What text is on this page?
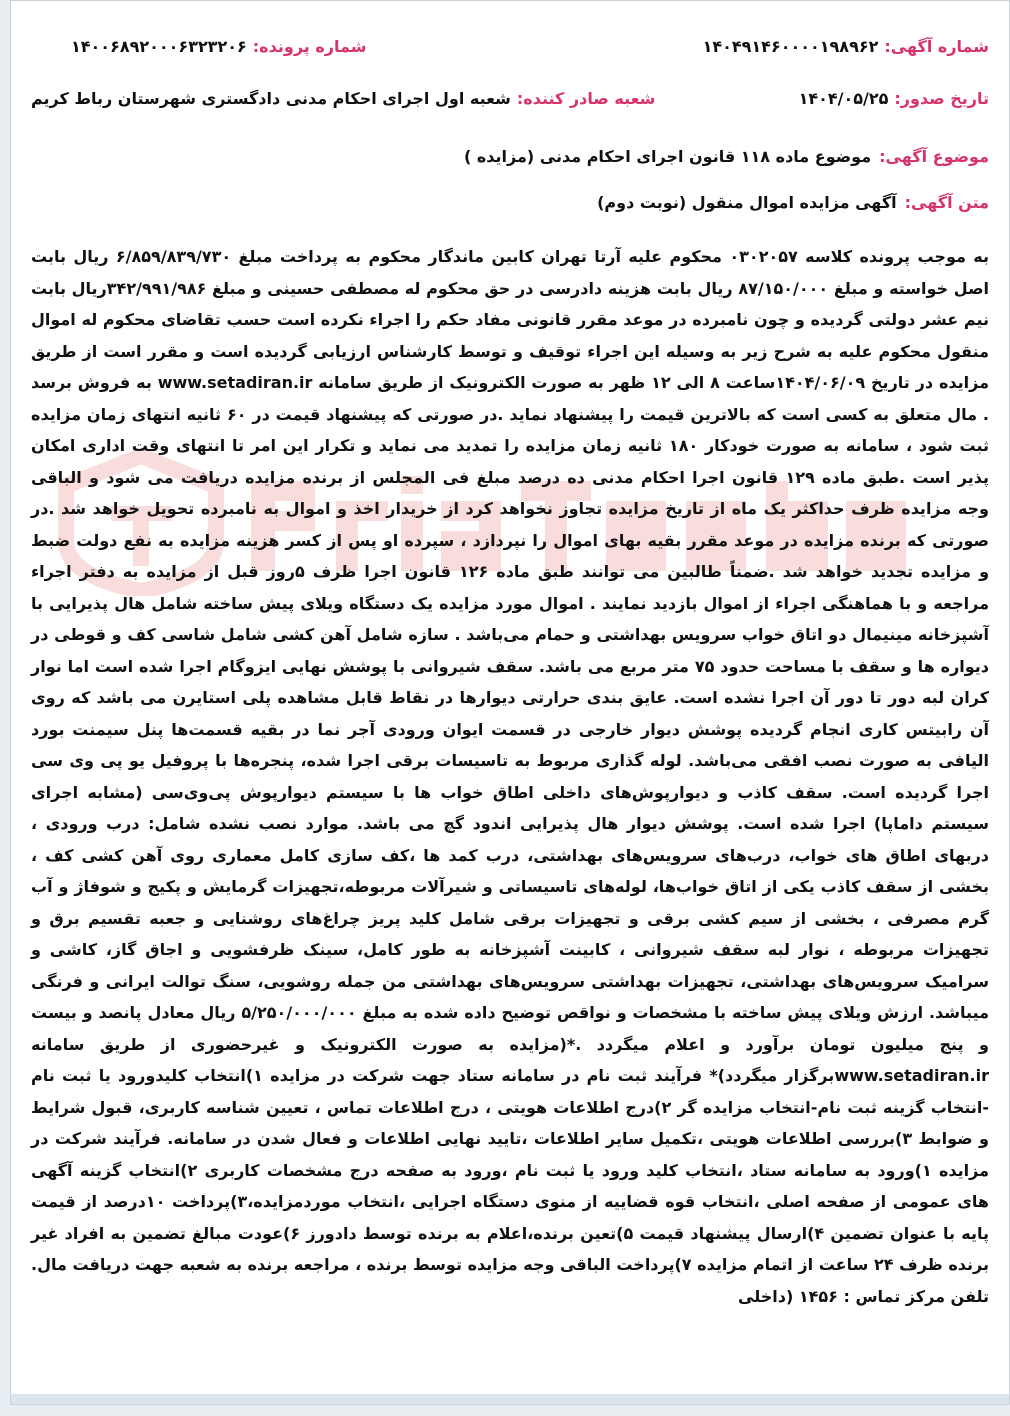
شماره آگهی:
۱۴۰۴۹۱۴۶۰۰۰۰۱۹۸۹۶۲
شماره پرونده:
۱۴۰۰۶۸۹۲۰۰۰۶۳۲۳۲۰۶
تاریخ صدور:
۱۴۰۴/۰۵/۲۵
شعبه صادر کننده:
شعبه اول اجرای احکام مدنی دادگستری شهرستان رباط کریم
موضوع آگهی:
موضوع ماده ۱۱۸ قانون اجرای احکام مدنی (مزایده )
متن آگهی:
آگهی مزایده اموال منقول (نوبت دوم)

به موجب پرونده کلاسه ۰۳۰۲۰۵۷ محکوم علیه آرتا تهران کابین ماندگار محکوم به پرداخت مبلغ ۶/۸۵۹/۸۳۹/۷۳۰ ریال بابت اصل خواسته و مبلغ ۸۷/۱۵۰/۰۰۰ ریال بابت هزینه دادرسی در حق محکوم له مصطفی حسینی و مبلغ ۳۴۲/۹۹۱/۹۸۶ریال بابت نیم عشر دولتی گردیده و چون نامبرده در موعد مقرر قانونی مفاد حکم را اجراء نکرده است حسب تقاضای محکوم له اموال منقول محکوم علیه به شرح زیر به وسیله این اجراء توقیف و توسط کارشناس ارزیابی گردیده است و مقرر است از طریق مزایده در تاریخ ۱۴۰۴/۰۶/۰۹ساعت ۸ الی ۱۲ ظهر به صورت الکترونیک از طریق سامانه www.setadiran.ir به فروش برسد . مال متعلق به کسی است که بالاترین قیمت را پیشنهاد نماید .در صورتی که پیشنهاد قیمت در ۶۰ ثانیه انتهای زمان مزایده ثبت شود ، سامانه به صورت خودکار ۱۸۰ ثانیه زمان مزایده را تمدید می نماید و تکرار این امر تا انتهای وقت اداری امکان پذیر است .طبق ماده ۱۲۹ قانون اجرا احکام مدنی ده درصد مبلغ فی المجلس از برنده مزایده دریافت می شود و الباقی وجه مزایده ظرف حداکثر یک ماه از تاریخ مزایده تجاوز نخواهد کرد از خریدار اخذ و اموال به نامبرده تحویل خواهد شد .در صورتی که برنده مزایده در موعد مقرر بقیه بهای اموال را نپردازد ، سپرده او پس از کسر هزینه مزایده به نفع دولت ضبط و مزایده تجدید خواهد شد .ضمناً طالبین می توانند طبق ماده ۱۲۶ قانون اجرا ظرف ۵روز قبل از مزایده به دفتر اجراء مراجعه و با هماهنگی اجراء از اموال بازدید نمایند . اموال مورد مزایده یک دستگاه ویلای پیش ساخته شامل هال پذیرایی با آشپزخانه مینیمال دو اتاق خواب سرویس بهداشتی و حمام می‌باشد . سازه شامل آهن کشی شامل شاسی کف و قوطی در دیواره ها و سقف با مساحت حدود ۷۵ متر مربع می باشد. سقف شیروانی با پوشش نهایی ایزوگام اجرا شده است اما نوار کران لبه دور تا دور آن اجرا نشده است. عایق بندی حرارتی دیوارها در نقاط قابل مشاهده پلی استایرن می باشد که روی آن رابیتس کاری انجام گردیده پوشش دیوار خارجی در قسمت ایوان ورودی آجر نما در بقیه قسمت‌ها پنل سیمنت بورد الیافی به صورت نصب افقی می‌باشد. لوله گذاری مربوط به تاسیسات برقی اجرا شده، پنجره‌ها با پروفیل یو پی وی سی اجرا گردیده است. سقف کاذب و دیوارپوش‌های داخلی اطاق خواب ها با سیستم دیوارپوش پی‌وی‌سی (مشابه اجرای سیستم داماپا) اجرا شده است. پوشش دیوار هال پذیرایی اندود گچ می باشد. موارد نصب نشده شامل: درب ورودی ، دربهای اطاق های خواب، درب‌های سرویس‌های بهداشتی، درب کمد ها ،کف سازی کامل معماری روی آهن کشی کف ، بخشی از سقف کاذب یکی از اتاق خواب‌ها، لوله‌های تاسیساتی و شیرآلات مربوطه،تجهیزات گرمایش و پکیج و شوفاژ و آب گرم مصرفی ، بخشی از سیم کشی برقی و تجهیزات برقی شامل کلید پریز چراغ‌های روشنایی و جعبه تقسیم برق و تجهیزات مربوطه ، نوار لبه سقف شیروانی ، کابینت آشپزخانه به طور کامل، سینک ظرفشویی و اجاق گاز، کاشی و سرامیک سرویس‌های بهداشتی، تجهیزات بهداشتی سرویس‌های بهداشتی من جمله روشویی، سنگ توالت ایرانی و فرنگی میباشد. ارزش ویلای پیش ساخته با مشخصات و نواقص توضیح داده شده به مبلغ ۵/۲۵۰/۰۰۰/۰۰۰ ریال معادل پانصد و بیست و پنج میلیون تومان برآورد و اعلام میگردد .*(مزایده به صورت الکترونیک و غیرحضوری از طریق سامانه www.setadiran.irبرگزار میگردد)* فرآیند ثبت نام در سامانه ستاد جهت شرکت در مزایده ۱)انتخاب کلیدورود یا ثبت نام -انتخاب گزینه ثبت نام-انتخاب مزایده گر ۲)درج اطلاعات هویتی ، درج اطلاعات تماس ، تعیین شناسه کاربری، قبول شرایط و ضوابط ۳)بررسی اطلاعات هویتی ،تکمیل سایر اطلاعات ،تایید نهایی اطلاعات و فعال شدن در سامانه. فرآیند شرکت در مزایده ۱)ورود به سامانه ستاد ،انتخاب کلید ورود یا ثبت نام ،ورود به صفحه درج مشخصات کاربری ۲)انتخاب گزینه آگهی های عمومی از صفحه اصلی ،انتخاب قوه قضاییه از منوی دستگاه اجرایی ،انتخاب موردمزایده،۳)پرداخت ۱۰درصد از قیمت پایه با عنوان تضمین ۴)ارسال پیشنهاد قیمت ۵)تعین برنده،اعلام به برنده توسط دادورز ۶)عودت مبالغ تضمین به افراد غیر برنده ظرف ۲۴ ساعت از اتمام مزایده ۷)پرداخت الباقی وجه مزایده توسط برنده ، مراجعه برنده به شعبه جهت دریافت مال. تلفن مرکز تماس : ۱۴۵۶ (داخلی
